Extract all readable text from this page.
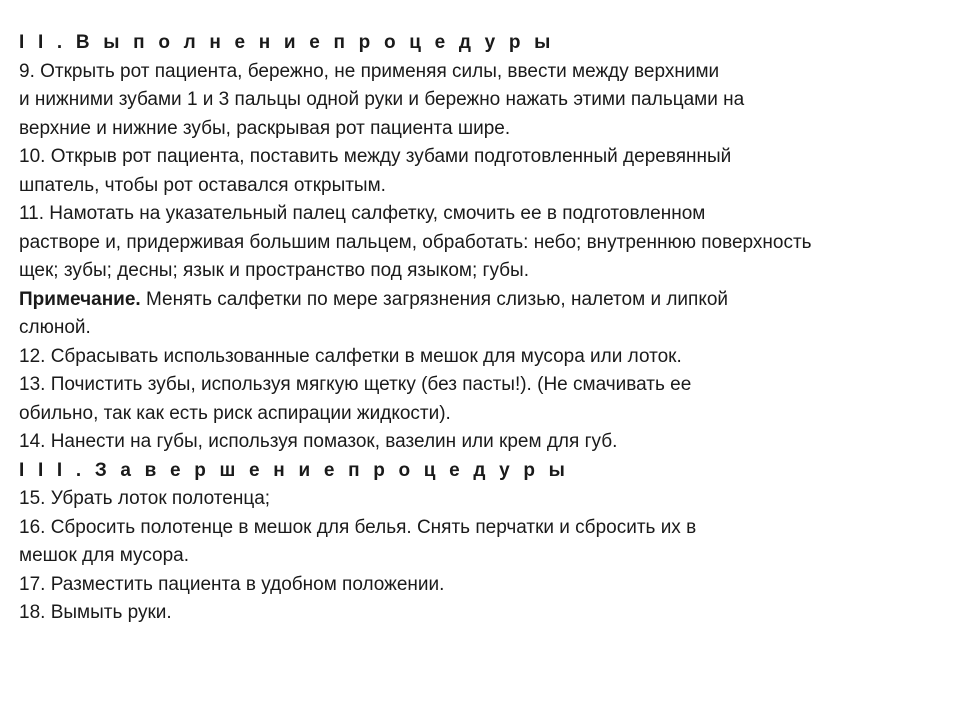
I I . В ы п о л н е н и е п р о ц е д у р ы
9. Открыть рот пациента, бережно, не применяя силы, ввести между верхними
и нижними зубами 1 и 3 пальцы одной руки и бережно нажать этими пальцами на
верхние и нижние зубы, раскрывая рот пациента шире.
10. Открыв рот пациента, поставить между зубами подготовленный деревянный
шпатель, чтобы рот оставался открытым.
11. Намотать на указательный палец салфетку, смочить ее в подготовленном
растворе и, придерживая большим пальцем, обработать: небо; внутреннюю поверхность
щек; зубы; десны; язык и пространство под языком; губы.
Примечание. Менять салфетки по мере загрязнения слизью, налетом и липкой
слюной.
12. Сбрасывать использованные салфетки в мешок для мусора или лоток.
13. Почистить зубы, используя мягкую щетку (без пасты!). (Не смачивать ее
обильно, так как есть риск аспирации жидкости).
14. Нанести на губы, используя помазок, вазелин или крем для губ.
I I I . З а в е р ш е н и е п р о ц е д у р ы
15. Убрать лоток полотенца;
16. Сбросить полотенце в мешок для белья. Снять перчатки и сбросить их в
мешок для мусора.
17. Разместить пациента в удобном положении.
18. Вымыть руки.
